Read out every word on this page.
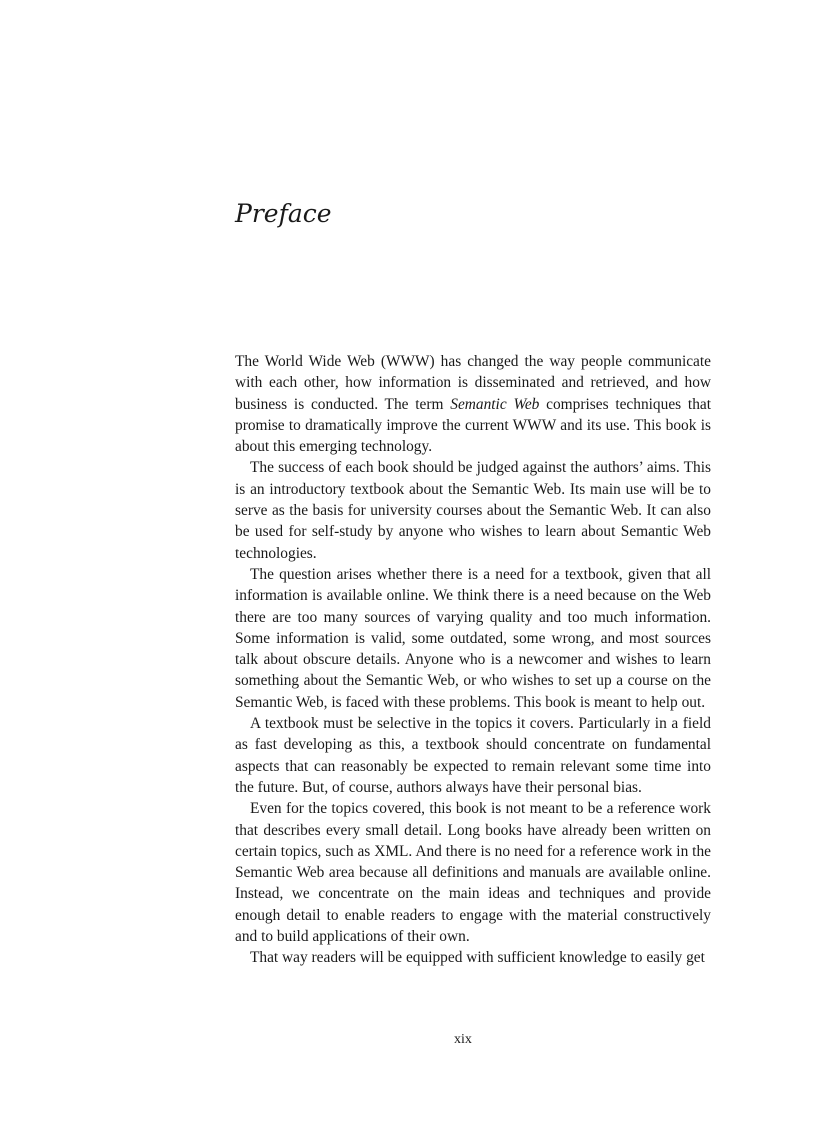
Preface

The World Wide Web (WWW) has changed the way people communicate with each other, how information is disseminated and retrieved, and how business is conducted. The term Semantic Web comprises techniques that promise to dramatically improve the current WWW and its use. This book is about this emerging technology.

The success of each book should be judged against the authors’ aims. This is an introductory textbook about the Semantic Web. Its main use will be to serve as the basis for university courses about the Semantic Web. It can also be used for self-study by anyone who wishes to learn about Semantic Web technologies.

The question arises whether there is a need for a textbook, given that all information is available online. We think there is a need because on the Web there are too many sources of varying quality and too much information. Some information is valid, some outdated, some wrong, and most sources talk about obscure details. Anyone who is a newcomer and wishes to learn something about the Semantic Web, or who wishes to set up a course on the Semantic Web, is faced with these problems. This book is meant to help out.

A textbook must be selective in the topics it covers. Particularly in a field as fast developing as this, a textbook should concentrate on fundamental aspects that can reasonably be expected to remain relevant some time into the future. But, of course, authors always have their personal bias.

Even for the topics covered, this book is not meant to be a reference work that describes every small detail. Long books have already been written on certain topics, such as XML. And there is no need for a reference work in the Semantic Web area because all definitions and manuals are available online. Instead, we concentrate on the main ideas and techniques and provide enough detail to enable readers to engage with the material constructively and to build applications of their own.

That way readers will be equipped with sufficient knowledge to easily get

xix
